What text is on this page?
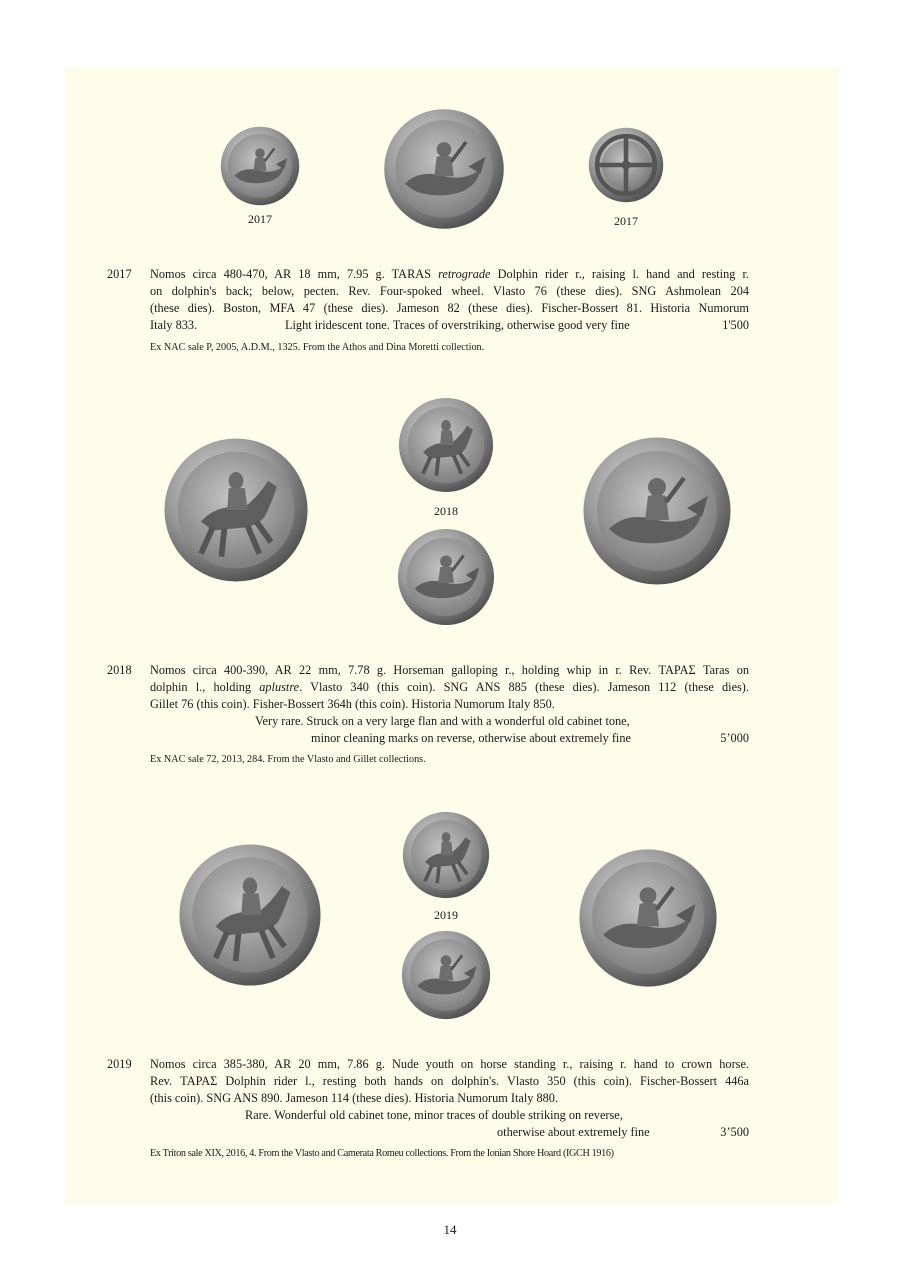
2017	2017
2017 Nomos circa 480-470, AR 18 mm, 7.95 g. TARAS retrograde Dolphin rider r., raising l. hand and resting r.
on dolphin's back; below, pecten. Rev. Four-spoked wheel. Vlasto 76 (these dies). SNG Ashmolean 204
(these dies). Boston, MFA 47 (these dies). Jameson 82 (these dies). Fischer-Bossert 81. Historia Numorum
Italy 833.	Light iridescent tone. Traces of overstriking, otherwise good very fine	1'500
Ex NAC sale P, 2005, A.D.M., 1325. From the Athos and Dina Moretti collection.
2018
2018 Nomos circa 400-390, AR 22 mm, 7.78 g. Horseman galloping r., holding whip in r. Rev. ΤΑΡΑΣ Taras on
dolphin l., holding aplustre. Vlasto 340 (this coin). SNG ANS 885 (these dies). Jameson 112 (these dies).
Gillet 76 (this coin). Fisher-Bossert 364h (this coin). Historia Numorum Italy 850.
Very rare. Struck on a very large flan and with a wonderful old cabinet tone,
minor cleaning marks on reverse, otherwise about extremely fine	5’000
Ex NAC sale 72, 2013, 284. From the Vlasto and Gillet collections.
2019
2019 Nomos circa 385-380, AR 20 mm, 7.86 g. Nude youth on horse standing r., raising r. hand to crown horse.
Rev. ΤΑΡΑΣ Dolphin rider l., resting both hands on dolphin's. Vlasto 350 (this coin). Fischer-Bossert 446a
(this coin). SNG ANS 890. Jameson 114 (these dies). Historia Numorum Italy 880.
Rare. Wonderful old cabinet tone, minor traces of double striking on reverse,
otherwise about extremely fine	3’500
Ex Triton sale XIX, 2016, 4. From the Vlasto and Camerata Romeu collections. From the Ionian Shore Hoard (IGCH 1916)
14
